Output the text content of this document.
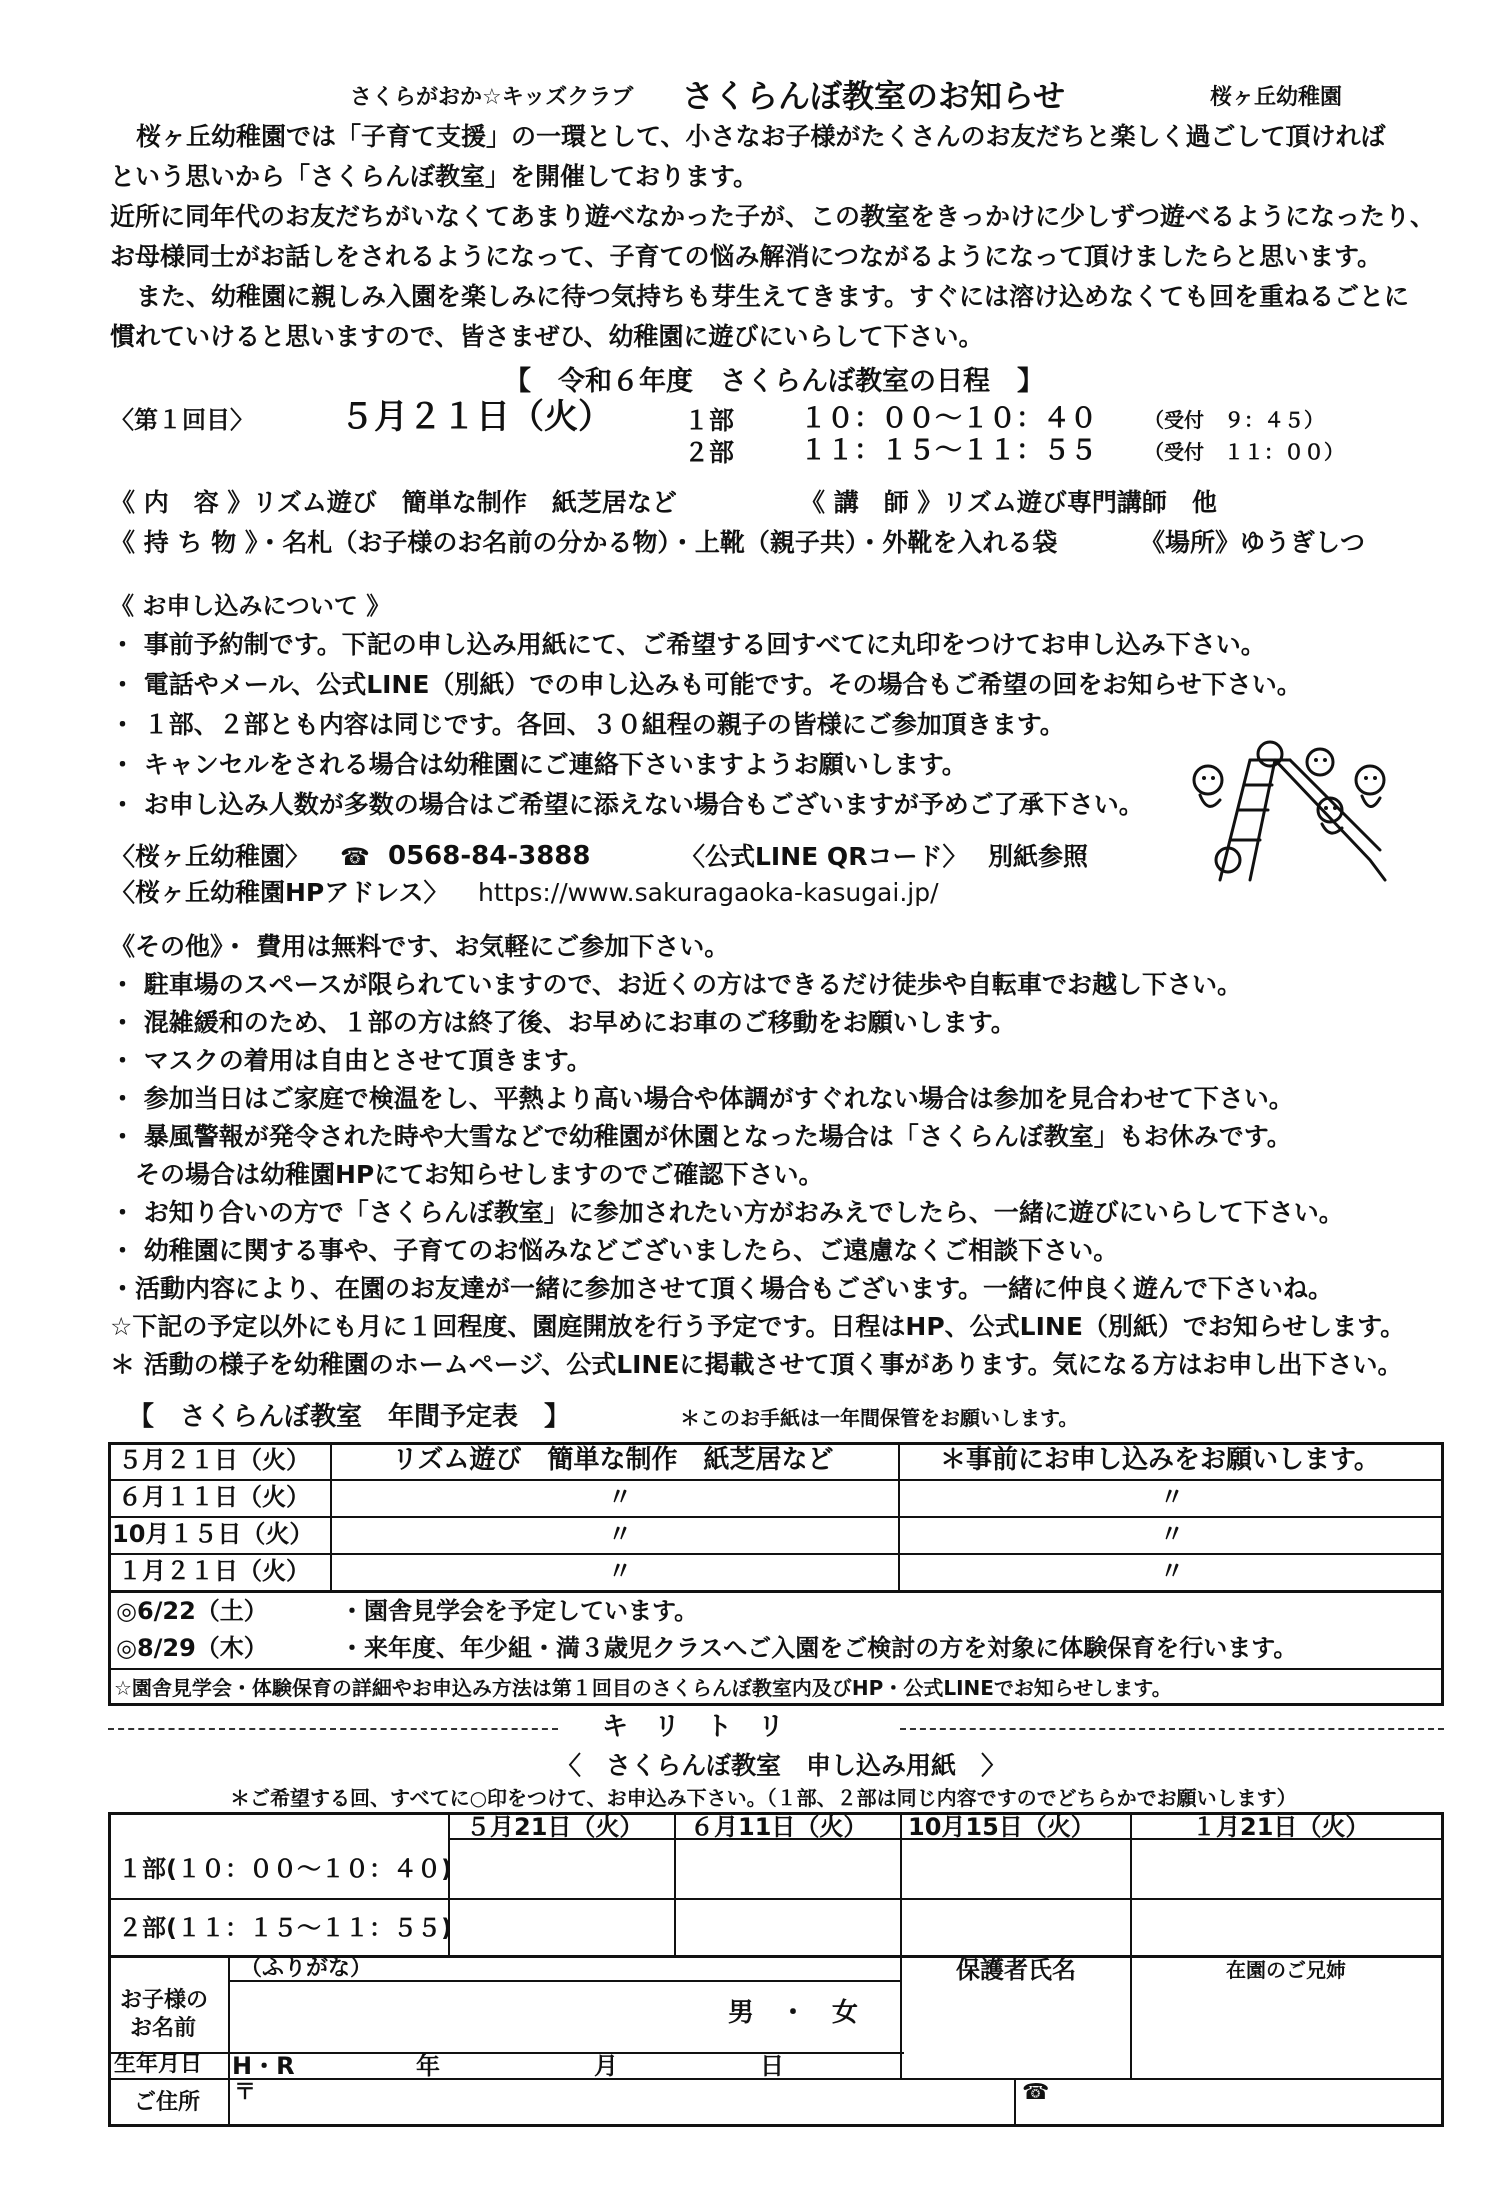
さくらがおか☆キッズクラブ さくらんぼ教室のお知らせ	桜ヶ丘幼稚園
桜ヶ丘幼稚園では「子育て支援」の一環として、小さなお子様がたくさんのお友だちと楽しく過ごして頂ければ
という思いから「さくらんぼ教室」を開催しております。
近所に同年代のお友だちがいなくてあまり遊べなかった子が、この教室をきっかけに少しずつ遊べるようになったり、
お母様同士がお話しをされるようになって、子育ての悩み解消につながるようになって頂けましたらと思います。
また、幼稚園に親しみ入園を楽しみに待つ気持ちも芽生えてきます。すぐには溶け込めなくても回を重ねるごとに
慣れていけると思いますので、皆さまぜひ、幼稚園に遊びにいらして下さい。
【　令和６年度　さくらんぼ教室の日程　】
〈第１回目〉	５月２１日（火）	１部 １０：００〜１０：４０ （受付　９：４５）
２部 １１：１５〜１１：５５ （受付　１１：００）
《 内　容 》リズム遊び　簡単な制作　紙芝居など	《 講　師 》リズム遊び専門講師　他
《 持 ち 物 》・名札（お子様のお名前の分かる物）・上靴（親子共）・外靴を入れる袋	《場所》ゆうぎしつ
《 お申し込みについて 》
・ 事前予約制です。下記の申し込み用紙にて、ご希望する回すべてに丸印をつけてお申し込み下さい。
・ 電話やメール、公式LINE（別紙）での申し込みも可能です。その場合もご希望の回をお知らせ下さい。
・ １部、２部とも内容は同じです。各回、３０組程の親子の皆様にご参加頂きます。
・ キャンセルをされる場合は幼稚園にご連絡下さいますようお願いします。
・ お申し込み人数が多数の場合はご希望に添えない場合もございますが予めご了承下さい。
〈桜ヶ丘幼稚園〉 ☎ 0568-84-3888	〈公式LINE QRコード〉 別紙参照
〈桜ヶ丘幼稚園HPアドレス〉 https://www.sakuragaoka-kasugai.jp/
《その他》・ 費用は無料です、お気軽にご参加下さい。
・ 駐車場のスペースが限られていますので、お近くの方はできるだけ徒歩や自転車でお越し下さい。
・ 混雑緩和のため、１部の方は終了後、お早めにお車のご移動をお願いします。
・ マスクの着用は自由とさせて頂きます。
・ 参加当日はご家庭で検温をし、平熱より高い場合や体調がすぐれない場合は参加を見合わせて下さい。
・ 暴風警報が発令された時や大雪などで幼稚園が休園となった場合は「さくらんぼ教室」もお休みです。
　その場合は幼稚園HPにてお知らせしますのでご確認下さい。
・ お知り合いの方で「さくらんぼ教室」に参加されたい方がおみえでしたら、一緒に遊びにいらして下さい。
・ 幼稚園に関する事や、子育てのお悩みなどございましたら、ご遠慮なくご相談下さい。
・活動内容により、在園のお友達が一緒に参加させて頂く場合もございます。一緒に仲良く遊んで下さいね。
☆下記の予定以外にも月に１回程度、園庭開放を行う予定です。日程はHP、公式LINE（別紙）でお知らせします。
＊ 活動の様子を幼稚園のホームページ、公式LINEに掲載させて頂く事があります。気になる方はお申し出下さい。
【　さくらんぼ教室　年間予定表　】	＊このお手紙は一年間保管をお願いします。
５月２１日（火）	リズム遊び　簡単な制作　紙芝居など	＊事前にお申し込みをお願いします。
６月１１日（火）	〃	〃
10月１５日（火）	〃	〃
１月２１日（火）	〃	〃
◎6/22（土）	・園舎見学会を予定しています。
◎8/29（木）	・来年度、年少組・満３歳児クラスへご入園をご検討の方を対象に体験保育を行います。
☆園舎見学会・体験保育の詳細やお申込み方法は第１回目のさくらんぼ教室内及びHP・公式LINEでお知らせします。
キ　リ　ト　リ
〈　さくらんぼ教室　申し込み用紙　〉
＊ご希望する回、すべてに○印をつけて、お申込み下さい。（１部、２部は同じ内容ですのでどちらかでお願いします）
５月21日（火） ６月11日（火） 10月15日（火）	１月21日（火）
１部(１０：００〜１０：４０)
２部(１１：１５〜１１：５５)
（ふりがな）	保護者氏名	在園のご兄姉
お子様の
お名前
男　・　女
生年月日 H・R	年	月	日
ご住所 〒	☎
